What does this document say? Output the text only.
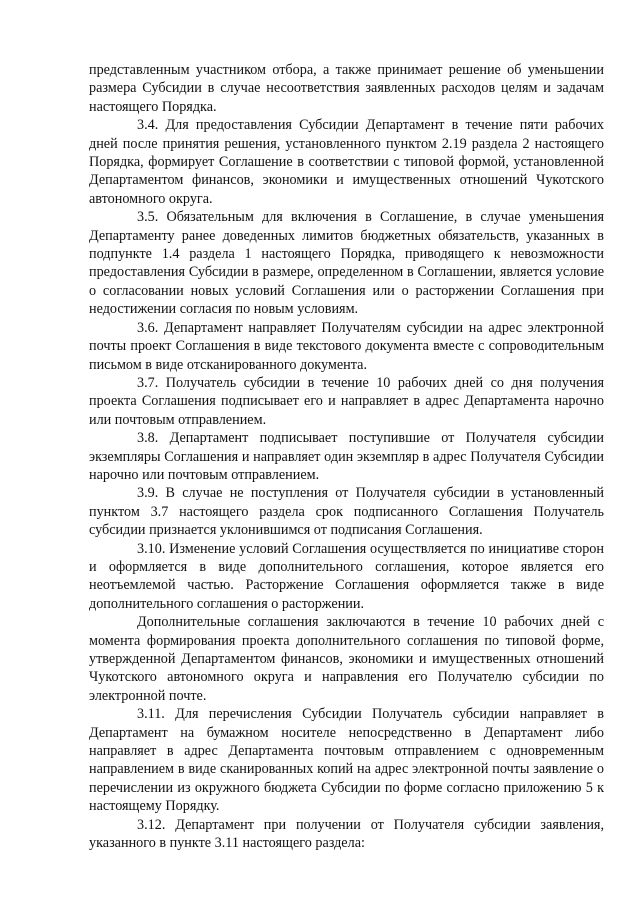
представленным участником отбора, а также принимает решение об уменьшении размера Субсидии в случае несоответствия заявленных расходов целям и задачам настоящего Порядка.

3.4. Для предоставления Субсидии Департамент в течение пяти рабочих дней после принятия решения, установленного пунктом 2.19 раздела 2 настоящего Порядка, формирует Соглашение в соответствии с типовой формой, установленной Департаментом финансов, экономики и имущественных отношений Чукотского автономного округа.

3.5. Обязательным для включения в Соглашение, в случае уменьшения Департаменту ранее доведенных лимитов бюджетных обязательств, указанных в подпункте 1.4 раздела 1 настоящего Порядка, приводящего к невозможности предоставления Субсидии в размере, определенном в Соглашении, является условие о согласовании новых условий Соглашения или о расторжении Соглашения при недостижении согласия по новым условиям.

3.6. Департамент направляет Получателям субсидии на адрес электронной почты проект Соглашения в виде текстового документа вместе с сопроводительным письмом в виде отсканированного документа.

3.7. Получатель субсидии в течение 10 рабочих дней со дня получения проекта Соглашения подписывает его и направляет в адрес Департамента нарочно или почтовым отправлением.

3.8. Департамент подписывает поступившие от Получателя субсидии экземпляры Соглашения и направляет один экземпляр в адрес Получателя Субсидии нарочно или почтовым отправлением.

3.9. В случае не поступления от Получателя субсидии в установленный пунктом 3.7 настоящего раздела срок подписанного Соглашения Получатель субсидии признается уклонившимся от подписания Соглашения.

3.10. Изменение условий Соглашения осуществляется по инициативе сторон и оформляется в виде дополнительного соглашения, которое является его неотъемлемой частью. Расторжение Соглашения оформляется также в виде дополнительного соглашения о расторжении.

Дополнительные соглашения заключаются в течение 10 рабочих дней с момента формирования проекта дополнительного соглашения по типовой форме, утвержденной Департаментом финансов, экономики и имущественных отношений Чукотского автономного округа и направления его Получателю субсидии по электронной почте.

3.11. Для перечисления Субсидии Получатель субсидии направляет в Департамент на бумажном носителе непосредственно в Департамент либо направляет в адрес Департамента почтовым отправлением с одновременным направлением в виде сканированных копий на адрес электронной почты заявление о перечислении из окружного бюджета Субсидии по форме согласно приложению 5 к настоящему Порядку.

3.12. Департамент при получении от Получателя субсидии заявления, указанного в пункте 3.11 настоящего раздела:
